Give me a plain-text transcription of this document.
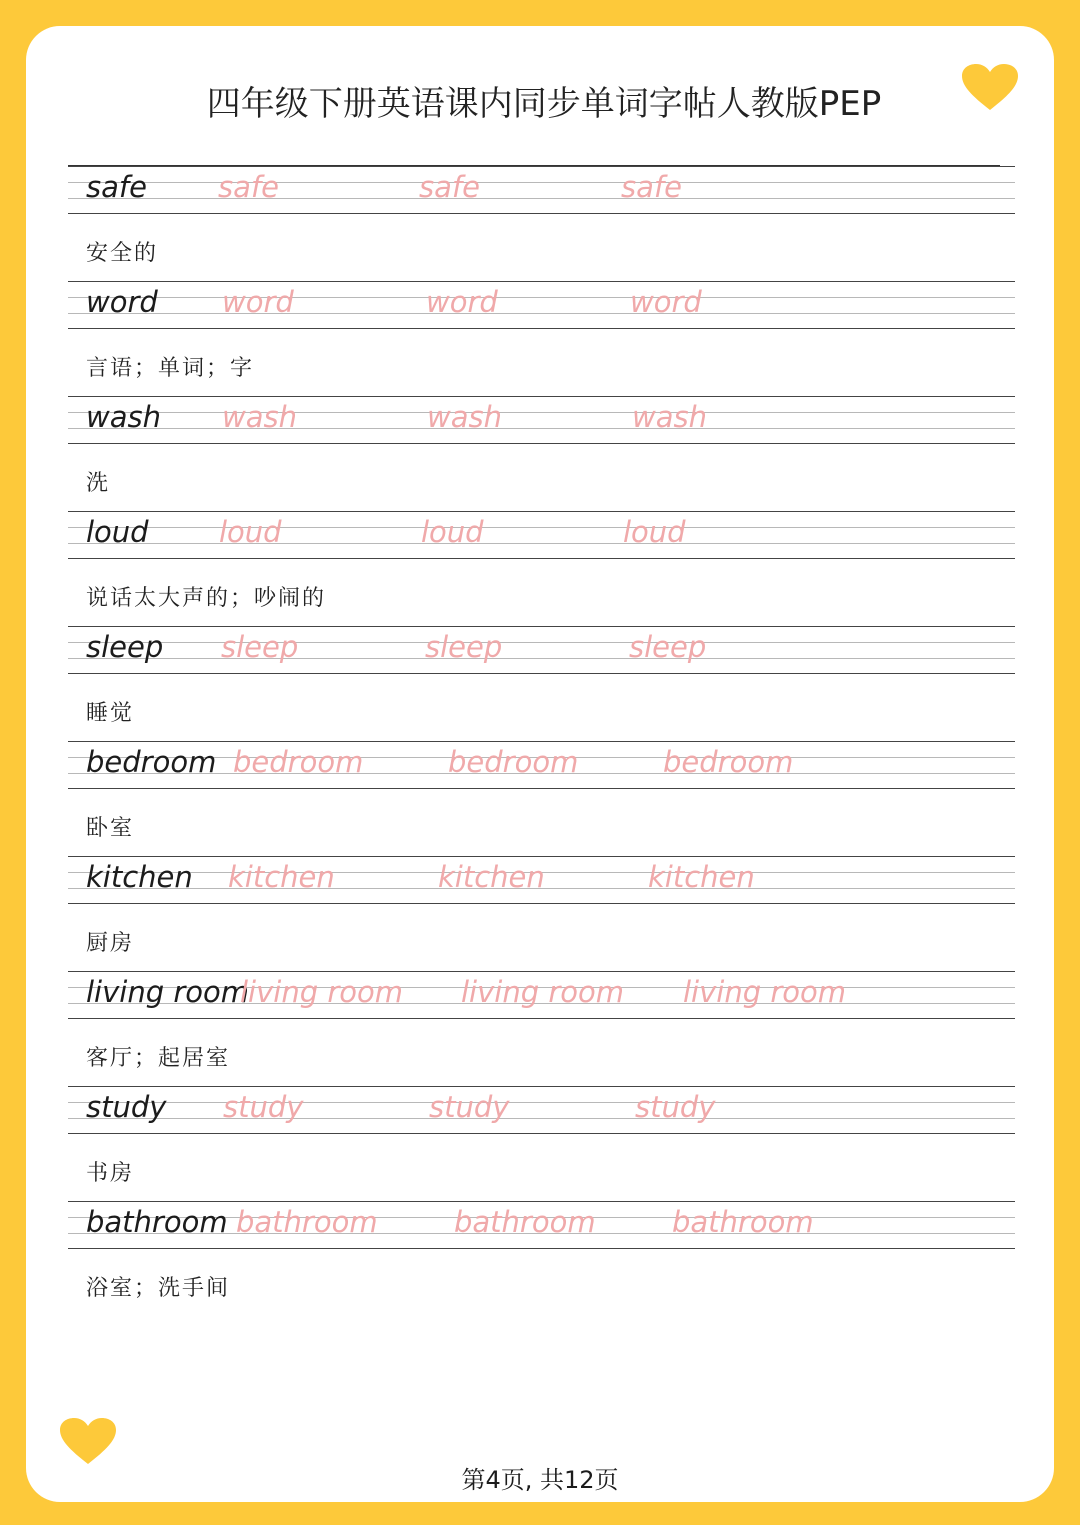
四年级下册英语课内同步单词字帖人教版PEP
safe safe	safe	safe
安全的
word word	word	word
言语；单词；字
wash wash	wash	wash
洗
loud loud	loud	loud
说话太大声的；吵闹的
sleep sleep	sleep	sleep
睡觉
bedroom bedroom	bedroom	bedroom
卧室
kitchen kitchen	kitchen	kitchen
厨房
living room
living room living room living room
客厅；起居室
study study	study	study
书房
bathroom bathroom	bathroom	bathroom
浴室；洗手间
第4页, 共12页
